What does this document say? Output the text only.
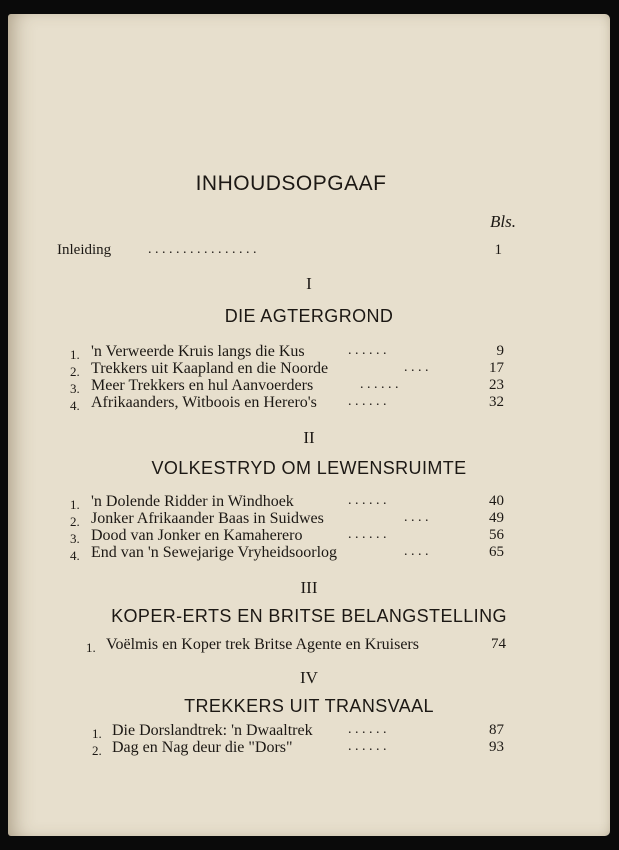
INHOUDSOPGAAF
Bls.
Inleiding	. . . . . . . . . . . . . . . .	1
I
DIE AGTERGROND
1. 'n Verweerde Kruis langs die Kus	. . . . . .	9
2. Trekkers uit Kaapland en die Noorde	. . . .	17
3. Meer Trekkers en hul Aanvoerders	. . . . . .	23
4. Afrikaanders, Witboois en Herero's . . . . . .	32
II
VOLKESTRYD OM LEWENSRUIMTE
1. 'n Dolende Ridder in Windhoek	. . . . . .	40
2. Jonker Afrikaander Baas in Suidwes	. . . .	49
3. Dood van Jonker en Kamaherero	. . . . . .	56
4. End van 'n Sewejarige Vryheidsoorlog	. . . .	65
III
KOPER-ERTS EN BRITSE BELANGSTELLING
1. Voëlmis en Koper trek Britse Agente en Kruisers	74
IV
TREKKERS UIT TRANSVAAL
1. Die Dorslandtrek: 'n Dwaaltrek	. . . . . .	87
2. Dag en Nag deur die "Dors"	. . . . . .	93
